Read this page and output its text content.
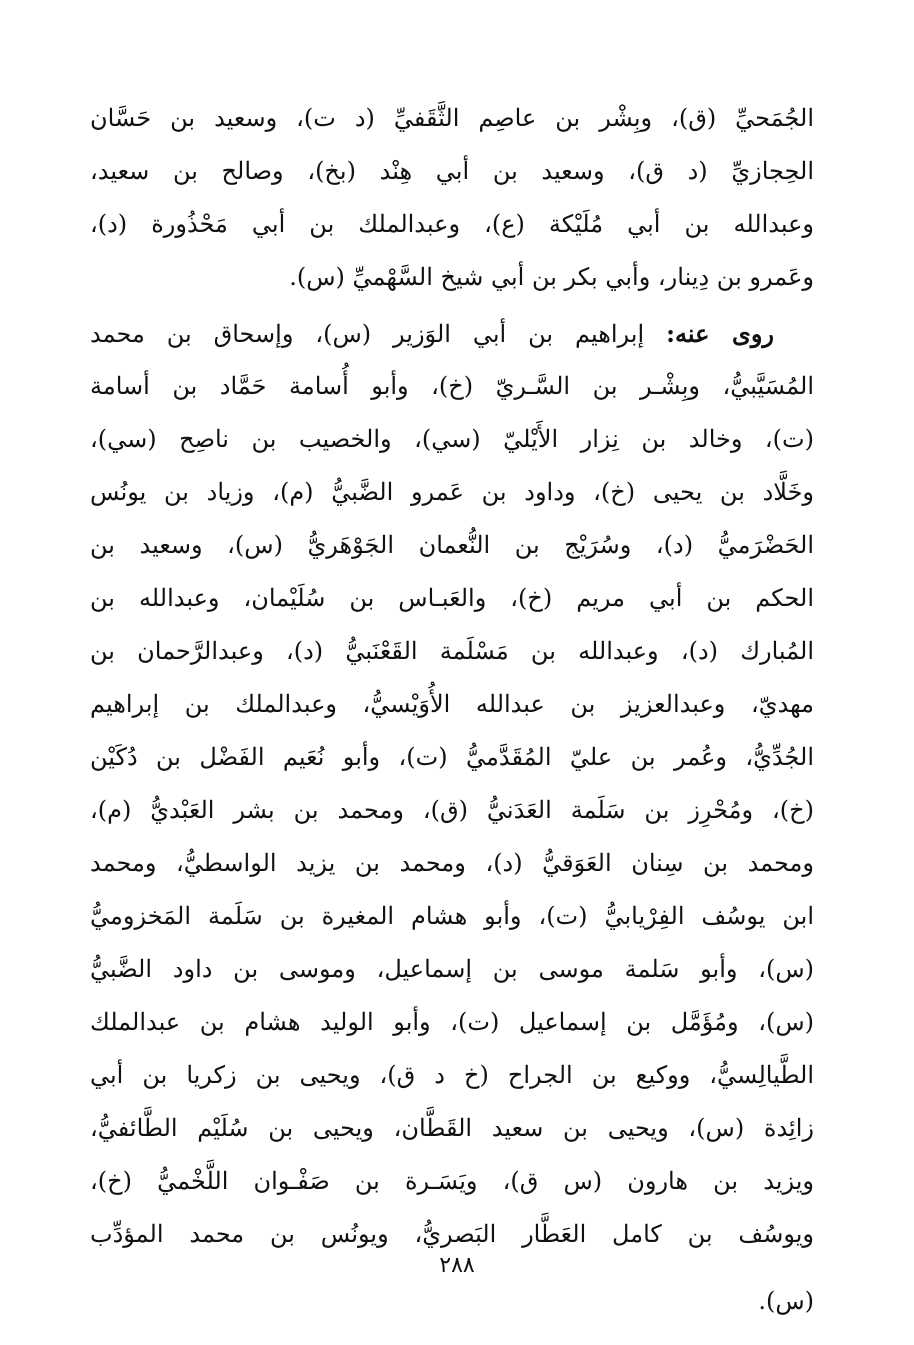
الجُمَحيِّ (ق)، وبِشْر بن عاصِم الثَّقَفيِّ (د ت)، وسعيد بن حَسَّان
الحِجازيِّ (د ق)، وسعيد بن أبي هِنْد (بخ)، وصالح بن سعيد،
وعبدالله بن أبي مُلَيْكة (ع)، وعبدالملك بن أبي مَحْذُورة (د)،
وعَمرو بن دِينار، وأبي بكر بن أبي شيخ السَّهْميِّ (س).
روى عنه: إبراهيم بن أبي الوَزير (س)، وإسحاق بن محمد
المُسَيَّبيُّ، وبِشْـر بن السَّـريّ (خ)، وأبو أُسامة حَمَّاد بن أسامة
(ت)، وخالد بن نِزار الأَيْليّ (سي)، والخصيب بن ناصِح (سي)،
وخَلَّاد بن يحيى (خ)، وداود بن عَمرو الضَّبيُّ (م)، وزياد بن يونُس
الحَضْرَميُّ (د)، وسُرَيْج بن النُّعمان الجَوْهَريُّ (س)، وسعيد بن
الحكم بن أبي مريم (خ)، والعَبـاس بن سُلَيْمان، وعبدالله بن
المُبارك (د)، وعبدالله بن مَسْلَمة القَعْنَبيُّ (د)، وعبدالرَّحمان بن
مهديّ، وعبدالعزيز بن عبدالله الأُوَيْسيُّ، وعبدالملك بن إبراهيم
الجُدِّيُّ، وعُمر بن عليّ المُقَدَّميُّ (ت)، وأبو نُعَيم الفَضْل بن دُكَيْن
(خ)، ومُحْرِز بن سَلَمة العَدَنيُّ (ق)، ومحمد بن بشر العَبْديُّ (م)،
ومحمد بن سِنان العَوَقيُّ (د)، ومحمد بن يزيد الواسطيُّ، ومحمد
ابن يوسُف الفِرْيابيُّ (ت)، وأبو هشام المغيرة بن سَلَمة المَخزوميُّ
(س)، وأبو سَلمة موسى بن إسماعيل، وموسى بن داود الضَّبيُّ
(س)، ومُؤَمَّل بن إسماعيل (ت)، وأبو الوليد هشام بن عبدالملك
الطَّيالِسيُّ، ووكيع بن الجراح (خ د ق)، ويحيى بن زكريا بن أبي
زائِدة (س)، ويحيى بن سعيد القَطَّان، ويحيى بن سُلَيْم الطَّائفيُّ،
ويزيد بن هارون (س ق)، ويَسَـرة بن صَفْـوان اللَّخْميُّ (خ)،
ويوسُف بن كامل العَطَّار البَصريُّ، ويونُس بن محمد المؤدِّب
(س).
٢٨٨
